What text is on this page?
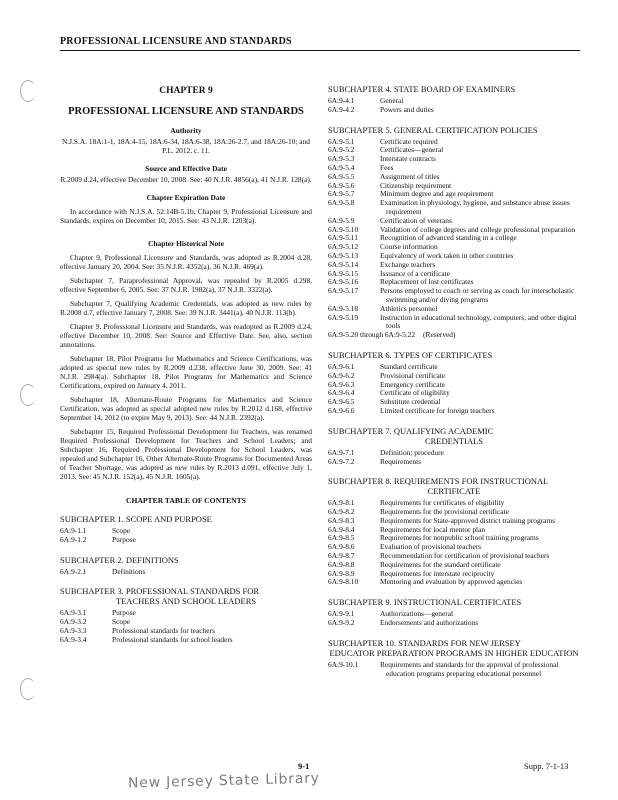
PROFESSIONAL LICENSURE AND STANDARDS
CHAPTER 9
PROFESSIONAL LICENSURE AND STANDARDS
Authority
N.J.S.A. 18A:1-1, 18A:4-15, 18A:6-34, 18A:6-38, 18A:26-2.7, and 18A:26-10; and P.L. 2012, c. 11.
Source and Effective Date
R.2009 d.24, effective December 10, 2008. See: 40 N.J.R. 4856(a), 41 N.J.R. 128(a).
Chapter Expiration Date
In accordance with N.J.S.A. 52:14B-5.1b, Chapter 9, Professional Licensure and Standards, expires on December 10, 2015. See: 43 N.J.R. 1203(a).
Chapter Historical Note
Chapter 9, Professional Licensure and Standards, was adopted as R.2004 d.28, effective January 20, 2004. See: 35 N.J.R. 4352(a), 36 N.J.R. 469(a).
Subchapter 7, Paraprofessional Approval, was repealed by R.2005 d.298, effective September 6, 2005. See: 37 N.J.R. 1982(a), 37 N.J.R. 3322(a).
Subchapter 7, Qualifying Academic Credentials, was adopted as new rules by R.2008 d.7, effective January 7, 2008. See: 39 N.J.R. 3441(a), 40 N.J.R. 113(b).
Chapter 9, Professional Licensure and Standards, was readopted as R.2009 d.24, effective December 10, 2008. See: Source and Effective Date. See, also, section annotations.
Subchapter 18, Pilot Programs for Mathematics and Science Certifications, was adopted as special new rules by R.2009 d.238, effective June 30, 2009. See: 41 N.J.R. 2984(a). Subchapter 18, Pilot Programs for Mathematics and Science Certifications, expired on January 4, 2011.
Subchapter 18, Alternate-Route Programs for Mathematics and Science Certification, was adopted as special adopted new rules by R.2012 d.168, effective September 14, 2012 (to expire May 9, 2013). See: 44 N.J.R. 2392(a).
Subchapter 15, Required Professional Development for Teachers, was renamed Required Professional Development for Teachers and School Leaders; and Subchapter 16, Required Professional Development for School Leaders, was repealed and Subchapter 16, Other Alternate-Route Programs for Documented Areas of Teacher Shortage, was adopted as new rules by R.2013 d.091, effective July 1, 2013. See: 45 N.J.R. 152(a), 45 N.J.R. 1605(a).
CHAPTER TABLE OF CONTENTS
SUBCHAPTER 1. SCOPE AND PURPOSE
6A:9-1.1	Scope
6A:9-1.2	Purpose
SUBCHAPTER 2. DEFINITIONS
6A:9-2.1	Definitions
SUBCHAPTER 3. PROFESSIONAL STANDARDS FOR
TEACHERS AND SCHOOL LEADERS
6A:9-3.1	Purpose
6A:9-3.2	Scope
6A:9-3.3	Professional standards for teachers
6A:9-3.4	Professional standards for school leaders
SUBCHAPTER 4. STATE BOARD OF EXAMINERS
6A:9-4.1	General
6A:9-4.2	Powers and duties
SUBCHAPTER 5. GENERAL CERTIFICATION POLICIES
6A:9-5.1	Certificate required
6A:9-5.2	Certificates—general
6A:9-5.3	Interstate contracts
6A:9-5.4	Fees
6A:9-5.5	Assignment of titles
6A:9-5.6	Citizenship requirement
6A:9-5.7	Minimum degree and age requirement
6A:9-5.8	Examination in physiology, hygiene, and substance abuse issues requirement
6A:9-5.9	Certification of veterans
6A:9-5.10	Validation of college degrees and college professional preparation
6A:9-5.11	Recognition of advanced standing in a college
6A:9-5.12	Course information
6A:9-5.13	Equivalency of work taken in other countries
6A:9-5.14	Exchange teachers
6A:9-5.15	Issuance of a certificate
6A:9-5.16	Replacement of lost certificates
6A:9-5.17	Persons employed to coach or serving as coach for interscholastic swimming and/or diving programs
6A:9-5.18	Athletics personnel
6A:9-5.19	Instruction in educational technology, computers, and other digital tools
6A:9-5.20 through 6A:9-5.22 (Reserved)
SUBCHAPTER 6. TYPES OF CERTIFICATES
6A:9-6.1	Standard certificate
6A:9-6.2	Provisional certificate
6A:9-6.3	Emergency certificate
6A:9-6.4	Certificate of eligibility
6A:9-6.5	Substitute credential
6A:9-6.6	Limited certificate for foreign teachers
SUBCHAPTER 7. QUALIFYING ACADEMIC
CREDENTIALS
6A:9-7.1	Definition; procedure
6A:9-7.2	Requirements
SUBCHAPTER 8. REQUIREMENTS FOR INSTRUCTIONAL
CERTIFICATE
6A:9-8.1	Requirements for certificates of eligibility
6A:9-8.2	Requirements for the provisional certificate
6A:9-8.3	Requirements for State-approved district training programs
6A:9-8.4	Requirements for local mentor plan
6A:9-8.5	Requirements for nonpublic school training programs
6A:9-8.6	Evaluation of provisional teachers
6A:9-8.7	Recommendation for certification of provisional teachers
6A:9-8.8	Requirements for the standard certificate
6A:9-8.9	Requirements for interstate reciprocity
6A:9-8.10	Mentoring and evaluation by approved agencies
SUBCHAPTER 9. INSTRUCTIONAL CERTIFICATES
6A:9-9.1	Authorizations—general
6A:9-9.2	Endorsements and authorizations
SUBCHAPTER 10. STANDARDS FOR NEW JERSEY
EDUCATOR PREPARATION PROGRAMS IN HIGHER EDUCATION
6A:9-10.1	Requirements and standards for the approval of professional education programs preparing educational personnel
9-1	Supp. 7-1-13
New Jersey State Library
